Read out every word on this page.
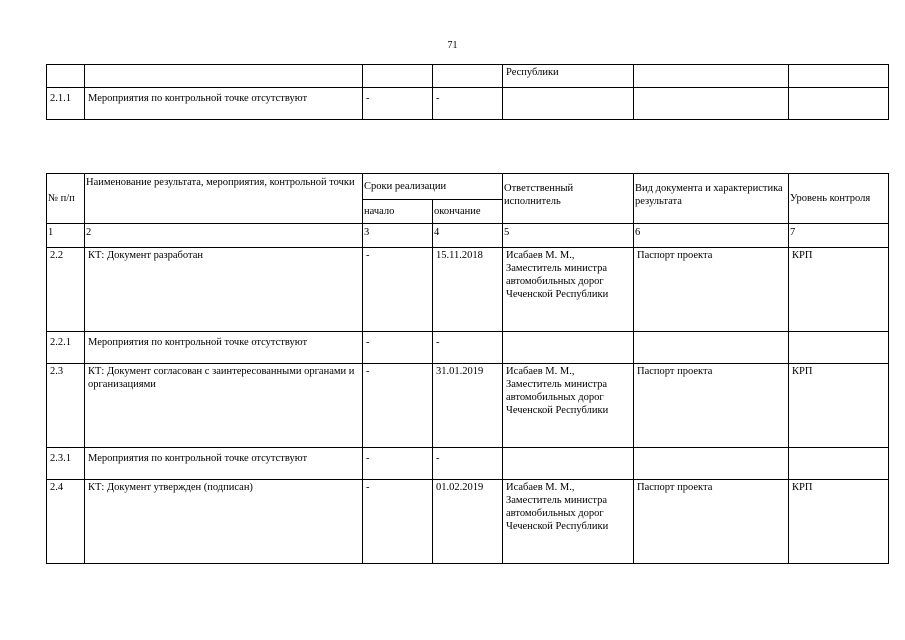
71
				Республики		
2.1.1	Мероприятия по контрольной точке отсутствуют	-	-			
№ п/п	Наименование результата, мероприятия, контрольной точки	Сроки реализации		Ответственный исполнитель	Вид документа и характеристика результата	Уровень контроля
		начало	окончание			
1	2	3	4	5	6	7
2.2	КТ: Документ разработан	-	15.11.2018	Исабаев М. М., Заместитель министра автомобильных дорог Чеченской Республики	Паспорт проекта	КРП
2.2.1	Мероприятия по контрольной точке отсутствуют	-	-			
2.3	КТ: Документ согласован с заинтересованными органами и организациями	-	31.01.2019	Исабаев М. М., Заместитель министра автомобильных дорог Чеченской Республики	Паспорт проекта	КРП
2.3.1	Мероприятия по контрольной точке отсутствуют	-	-			
2.4	КТ: Документ утвержден (подписан)	-	01.02.2019	Исабаев М. М., Заместитель министра автомобильных дорог Чеченской Республики	Паспорт проекта	КРП
